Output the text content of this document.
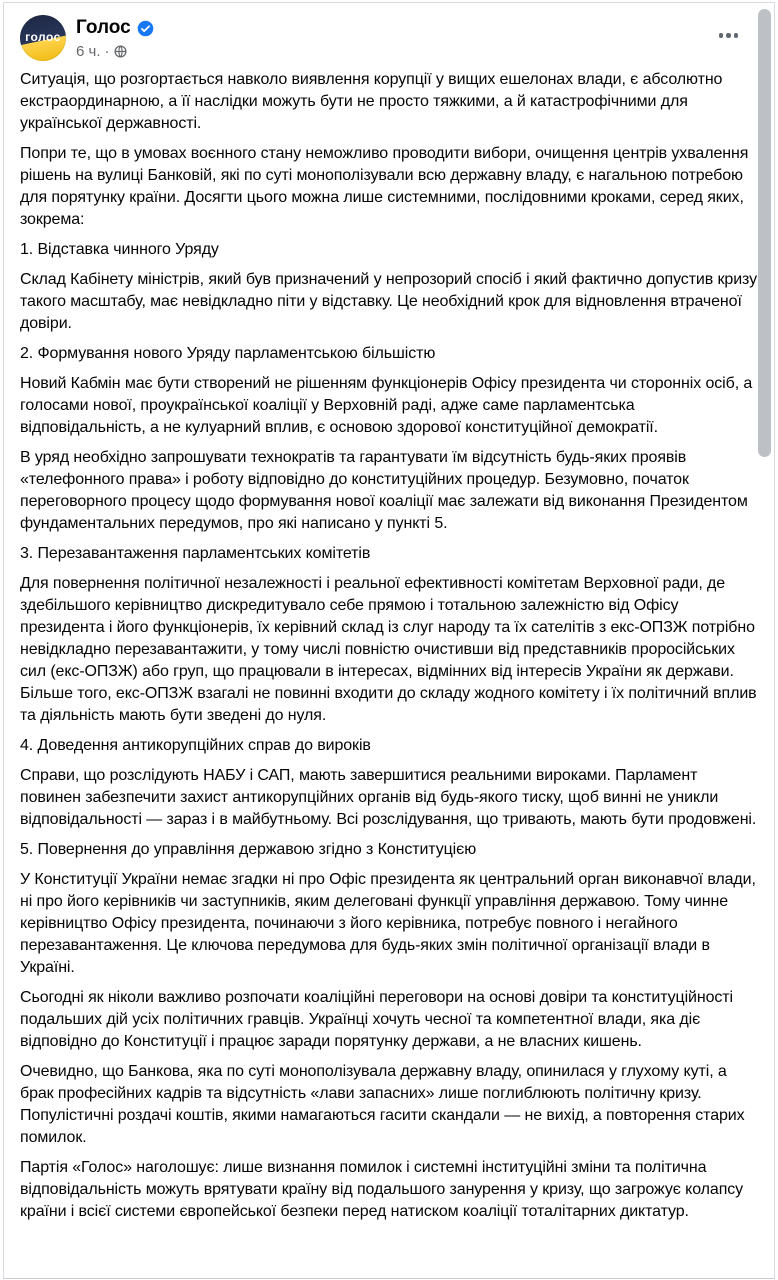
голос Голос
6 ч. ·

Ситуація, що розгортається навколо виявлення корупції у вищих ешелонах влади, є абсолютно екстраординарною, а її наслідки можуть бути не просто тяжкими, а й катастрофічними для української державності.

Попри те, що в умовах воєнного стану неможливо проводити вибори, очищення центрів ухвалення рішень на вулиці Банковій, які по суті монополізували всю державну владу, є нагальною потребою для порятунку країни. Досягти цього можна лише системними, послідовними кроками, серед яких, зокрема:

1. Відставка чинного Уряду

Склад Кабінету міністрів, який був призначений у непрозорий спосіб і який фактично допустив кризу такого масштабу, має невідкладно піти у відставку. Це необхідний крок для відновлення втраченої довіри.

2. Формування нового Уряду парламентською більшістю

Новий Кабмін має бути створений не рішенням функціонерів Офісу президента чи сторонніх осіб, а голосами нової, проукраїнської коаліції у Верховній раді, адже саме парламентська відповідальність, а не кулуарний вплив, є основою здорової конституційної демократії.

В уряд необхідно запрошувати технократів та гарантувати їм відсутність будь-яких проявів «телефонного права» і роботу відповідно до конституційних процедур. Безумовно, початок переговорного процесу щодо формування нової коаліції має залежати від виконання Президентом фундаментальних передумов, про які написано у пункті 5.

3. Перезавантаження парламентських комітетів

Для повернення політичної незалежності і реальної ефективності комітетам Верховної ради, де здебільшого керівництво дискредитувало себе прямою і тотальною залежністю від Офісу президента і його функціонерів, їх керівний склад із слуг народу та їх сателітів з екс-ОПЗЖ потрібно невідкладно перезавантажити, у тому числі повністю очистивши від представників проросійських сил (екс-ОПЗЖ) або груп, що працювали в інтересах, відмінних від інтересів України як держави. Більше того, екс-ОПЗЖ взагалі не повинні входити до складу жодного комітету і їх політичний вплив та діяльність мають бути зведені до нуля.

4. Доведення антикорупційних справ до вироків

Справи, що розслідують НАБУ і САП, мають завершитися реальними вироками. Парламент повинен забезпечити захист антикорупційних органів від будь-якого тиску, щоб винні не уникли відповідальності — зараз і в майбутньому. Всі розслідування, що тривають, мають бути продовжені.

5. Повернення до управління державою згідно з Конституцією

У Конституції України немає згадки ні про Офіс президента як центральний орган виконавчої влади, ні про його керівників чи заступників, яким делеговані функції управління державою. Тому чинне керівництво Офісу президента, починаючи з його керівника, потребує повного і негайного перезавантаження. Це ключова передумова для будь-яких змін політичної організації влади в Україні.

Сьогодні як ніколи важливо розпочати коаліційні переговори на основі довіри та конституційності подальших дій усіх політичних гравців. Українці хочуть чесної та компетентної влади, яка діє відповідно до Конституції і працює заради порятунку держави, а не власних кишень.

Очевидно, що Банкова, яка по суті монополізувала державну владу, опинилася у глухому куті, а брак професійних кадрів та відсутність «лави запасних» лише поглиблюють політичну кризу. Популістичні роздачі коштів, якими намагаються гасити скандали — не вихід, а повторення старих помилок.

Партія «Голос» наголошує: лише визнання помилок і системні інституційні зміни та політична відповідальність можуть врятувати країну від подальшого занурення у кризу, що загрожує колапсу країни і всієї системи європейської безпеки перед натиском коаліції тоталітарних диктатур.
